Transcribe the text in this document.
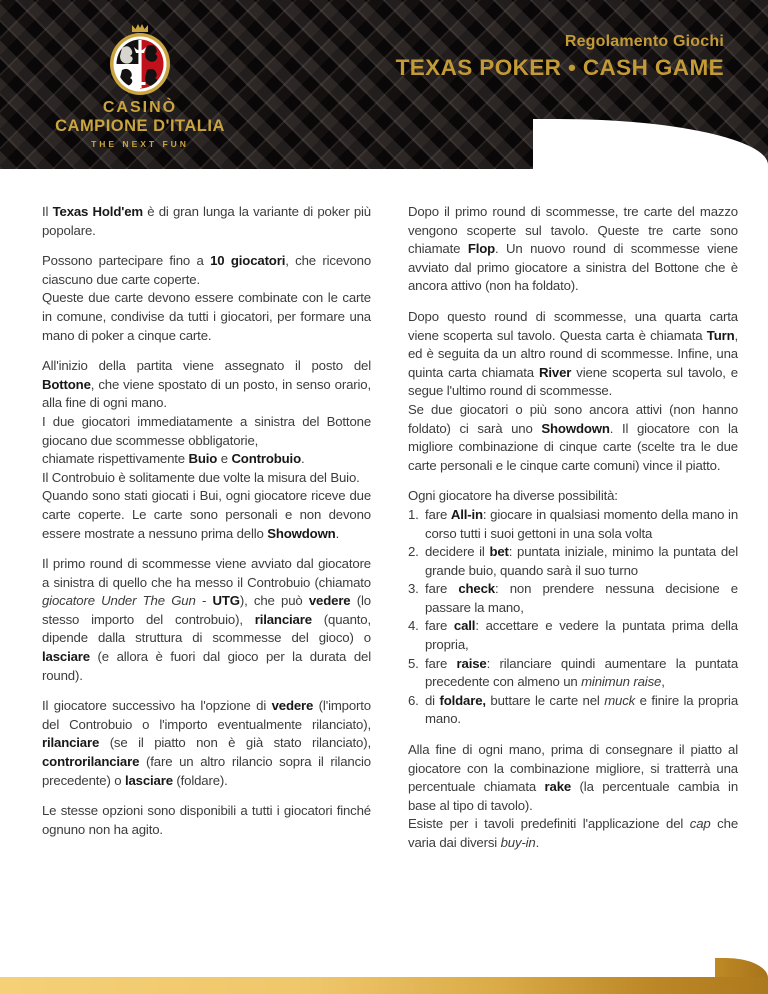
CASINÒ
CAMPIONE D'ITALIA
THE NEXT FUN
Regolamento Giochi
TEXAS POKER • CASH GAME

Il Texas Hold'em è di gran lunga la variante di poker più popolare.

Possono partecipare fino a 10 giocatori, che ricevono ciascuno due carte coperte.

Queste due carte devono essere combinate con le carte in comune, condivise da tutti i giocatori, per formare una mano di poker a cinque carte.

All'inizio della partita viene assegnato il posto del Bottone, che viene spostato di un posto, in senso orario, alla fine di ogni mano.

I due giocatori immediatamente a sinistra del Bottone giocano due scommesse obbligatorie,

chiamate rispettivamente Buio e Controbuio.

Il Controbuio è solitamente due volte la misura del Buio.

Quando sono stati giocati i Bui, ogni giocatore riceve due carte coperte. Le carte sono personali e non devono essere mostrate a nessuno prima dello Showdown.

Il primo round di scommesse viene avviato dal giocatore a sinistra di quello che ha messo il Controbuio (chiamato giocatore Under The Gun - UTG), che può vedere (lo stesso importo del controbuio), rilanciare (quanto, dipende dalla struttura di scommesse del gioco) o lasciare (e allora è fuori dal gioco per la durata del round).

Il giocatore successivo ha l'opzione di vedere (l'importo del Controbuio o l'importo eventualmente rilanciato), rilanciare (se il piatto non è già stato rilanciato), controrilanciare (fare un altro rilancio sopra il rilancio precedente) o lasciare (foldare).

Le stesse opzioni sono disponibili a tutti i giocatori finché ognuno non ha agito.

Dopo il primo round di scommesse, tre carte del mazzo vengono scoperte sul tavolo. Queste tre carte sono chiamate Flop. Un nuovo round di scommesse viene avviato dal primo giocatore a sinistra del Bottone che è ancora attivo (non ha foldato).

Dopo questo round di scommesse, una quarta carta viene scoperta sul tavolo. Questa carta è chiamata Turn, ed è seguita da un altro round di scommesse. Infine, una quinta carta chiamata River viene scoperta sul tavolo, e segue l'ultimo round di scommesse.

Se due giocatori o più sono ancora attivi (non hanno foldato) ci sarà uno Showdown. Il giocatore con la migliore combinazione di cinque carte (scelte tra le due carte personali e le cinque carte comuni) vince il piatto.

Ogni giocatore ha diverse possibilità:

1. fare All-in: giocare in qualsiasi momento della mano in corso tutti i suoi gettoni in una sola volta
2. decidere il bet: puntata iniziale, minimo la puntata del grande buio, quando sarà il suo turno
3. fare check: non prendere nessuna decisione e passare la mano,
4. fare call: accettare e vedere la puntata prima della propria,
5. fare raise: rilanciare quindi aumentare la puntata precedente con almeno un minimun raise,
6. di foldare, buttare le carte nel muck e finire la propria mano.

Alla fine di ogni mano, prima di consegnare il piatto al giocatore con la combinazione migliore, si tratterrà una percentuale chiamata rake (la percentuale cambia in base al tipo di tavolo).

Esiste per i tavoli predefiniti l'applicazione del cap che varia dai diversi buy-in.
